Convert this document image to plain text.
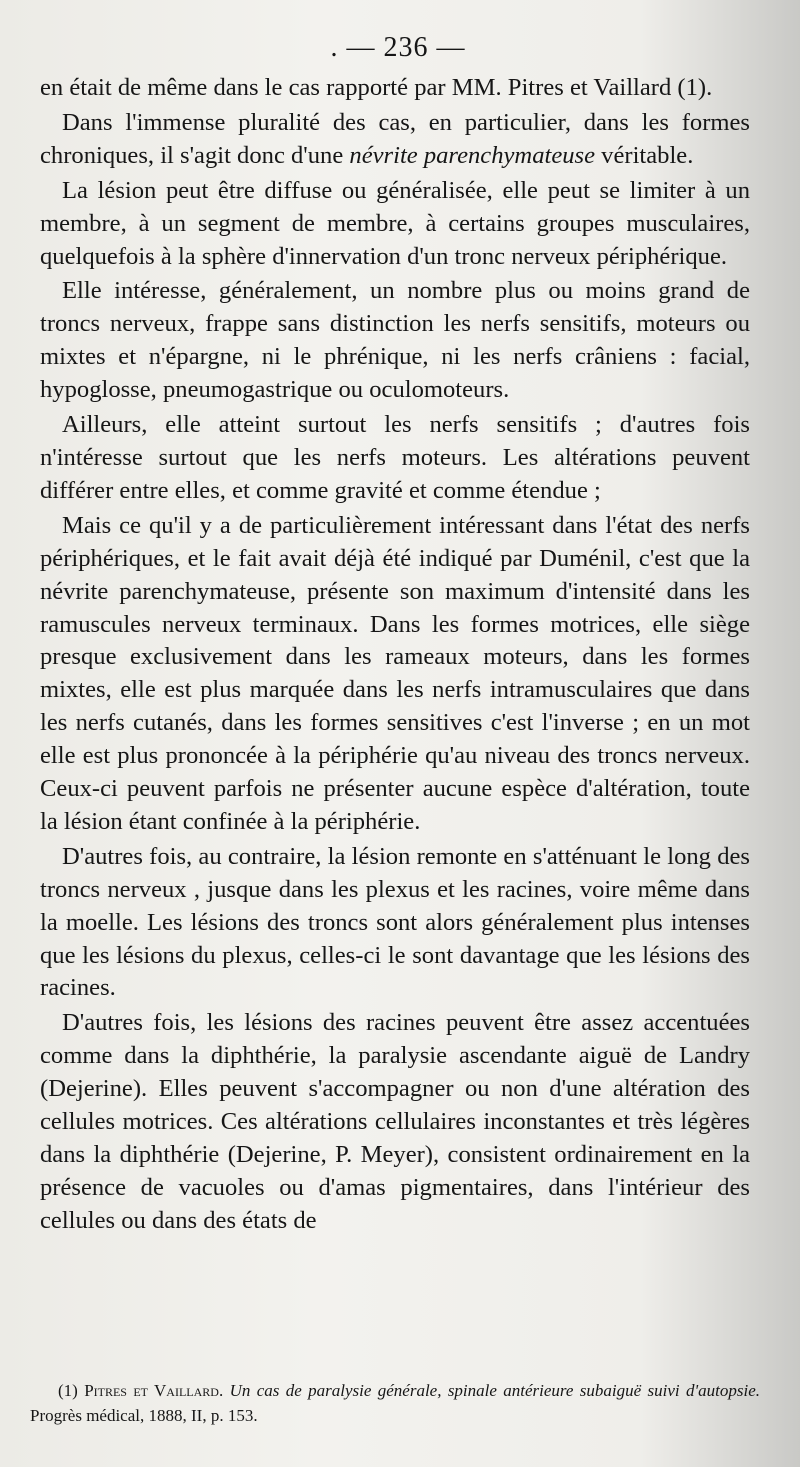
. — 236 —

en était de même dans le cas rapporté par MM. Pitres et Vaillard (1).

Dans l'immense pluralité des cas, en particulier, dans les formes chroniques, il s'agit donc d'une névrite parenchymateuse véritable.

La lésion peut être diffuse ou généralisée, elle peut se limiter à un membre, à un segment de membre, à certains groupes musculaires, quelquefois à la sphère d'innervation d'un tronc nerveux périphérique.

Elle intéresse, généralement, un nombre plus ou moins grand de troncs nerveux, frappe sans distinction les nerfs sensitifs, moteurs ou mixtes et n'épargne, ni le phrénique, ni les nerfs crâniens : facial, hypoglosse, pneumogastrique ou oculomoteurs.

Ailleurs, elle atteint surtout les nerfs sensitifs ; d'autres fois n'intéresse surtout que les nerfs moteurs. Les altérations peuvent différer entre elles, et comme gravité et comme étendue ;

Mais ce qu'il y a de particulièrement intéressant dans l'état des nerfs périphériques, et le fait avait déjà été indiqué par Duménil, c'est que la névrite parenchymateuse, présente son maximum d'intensité dans les ramuscules nerveux terminaux. Dans les formes motrices, elle siège presque exclusivement dans les rameaux moteurs, dans les formes mixtes, elle est plus marquée dans les nerfs intramusculaires que dans les nerfs cutanés, dans les formes sensitives c'est l'inverse ; en un mot elle est plus prononcée à la périphérie qu'au niveau des troncs nerveux. Ceux-ci peuvent parfois ne présenter aucune espèce d'altération, toute la lésion étant confinée à la périphérie.

D'autres fois, au contraire, la lésion remonte en s'atténuant le long des troncs nerveux , jusque dans les plexus et les racines, voire même dans la moelle. Les lésions des troncs sont alors généralement plus intenses que les lésions du plexus, celles-ci le sont davantage que les lésions des racines.

D'autres fois, les lésions des racines peuvent être assez accentuées comme dans la diphthérie, la paralysie ascendante aiguë de Landry (Dejerine). Elles peuvent s'accompagner ou non d'une altération des cellules motrices. Ces altérations cellulaires inconstantes et très légères dans la diphthérie (Dejerine, P. Meyer), consistent ordinairement en la présence de vacuoles ou d'amas pigmentaires, dans l'intérieur des cellules ou dans des états de

(1) Pitres et Vaillard. Un cas de paralysie générale, spinale antérieure subaiguë suivi d'autopsie. Progrès médical, 1888, II, p. 153.
